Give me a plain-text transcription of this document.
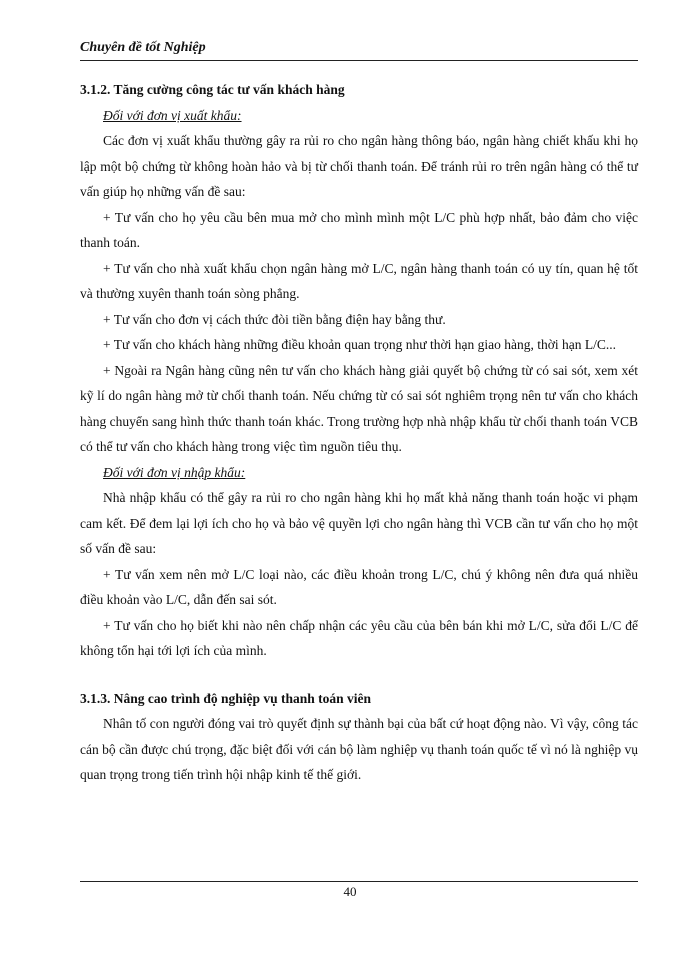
Chuyên đề tốt Nghiệp

3.1.2. Tăng cường công tác tư vấn khách hàng

Đối với đơn vị xuất khẩu:

Các đơn vị xuất khẩu thường gây ra rủi ro cho ngân hàng thông báo, ngân hàng chiết khấu khi họ lập một bộ chứng từ không hoàn hảo và bị từ chối thanh toán. Để tránh rủi ro trên ngân hàng có thể tư vấn giúp họ những vấn đề sau:

+ Tư vấn cho họ yêu cầu bên mua mở cho mình mình một L/C phù hợp nhất, bảo đảm cho việc thanh toán.

+ Tư vấn cho nhà xuất khẩu chọn ngân hàng mở L/C, ngân hàng thanh toán có uy tín, quan hệ tốt và thường xuyên thanh toán sòng phẳng.

+ Tư vấn cho đơn vị cách thức đòi tiền bằng điện hay bằng thư.

+ Tư vấn cho khách hàng những điều khoản quan trọng như thời hạn giao hàng, thời hạn L/C...

+ Ngoài ra Ngân hàng cũng nên tư vấn cho khách hàng giải quyết bộ chứng từ có sai sót, xem xét kỹ lí do ngân hàng mở từ chối thanh toán. Nếu chứng từ có sai sót nghiêm trọng nên tư vấn cho khách hàng chuyển sang hình thức thanh toán khác. Trong trường hợp nhà nhập khẩu từ chối thanh toán VCB có thể tư vấn cho khách hàng trong việc tìm nguồn tiêu thụ.

Đối với đơn vị nhập khẩu:

Nhà nhập khẩu có thể gây ra rủi ro cho ngân hàng khi họ mất khả năng thanh toán hoặc vi phạm cam kết. Để đem lại lợi ích cho họ và bảo vệ quyền lợi cho ngân hàng thì VCB cần tư vấn cho họ một số vấn đề sau:

+ Tư vấn xem nên mở L/C loại nào, các điều khoản trong L/C, chú ý không nên đưa quá nhiều điều khoản vào L/C, dẫn đến sai sót.

+ Tư vấn cho họ biết khi nào nên chấp nhận các yêu cầu của bên bán khi mở L/C, sửa đổi L/C để không tổn hại tới lợi ích của mình.

3.1.3. Nâng cao trình độ nghiệp vụ thanh toán viên

Nhân tố con người đóng vai trò quyết định sự thành bại của bất cứ hoạt động nào. Vì vậy, công tác cán bộ cần được chú trọng, đặc biệt đối với cán bộ làm nghiệp vụ thanh toán quốc tế vì nó là nghiệp vụ quan trọng trong tiến trình hội nhập kinh tế thế giới.

40
